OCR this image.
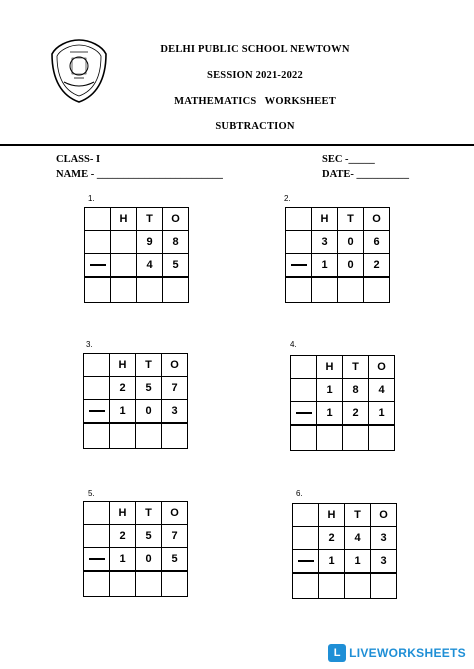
DELHI PUBLIC SCHOOL NEWTOWN
SESSION 2021-2022
MATHEMATICS   WORKSHEET
SUBTRACTION
CLASS- I	SEC -_____
NAME - ________________________	DATE- __________
1.
	H	T	O
		9	8
		4	5

2.
	H	T	O
	3	0	6
	1	0	2

3.
	H	T	O
	2	5	7
	1	0	3

4.
	H	T	O
	1	8	4
	1	2	1

5.
	H	T	O
	2	5	7
	1	0	5

6.
	H	T	O
	2	4	3
	1	1	3

L LIVEWORKSHEETS
